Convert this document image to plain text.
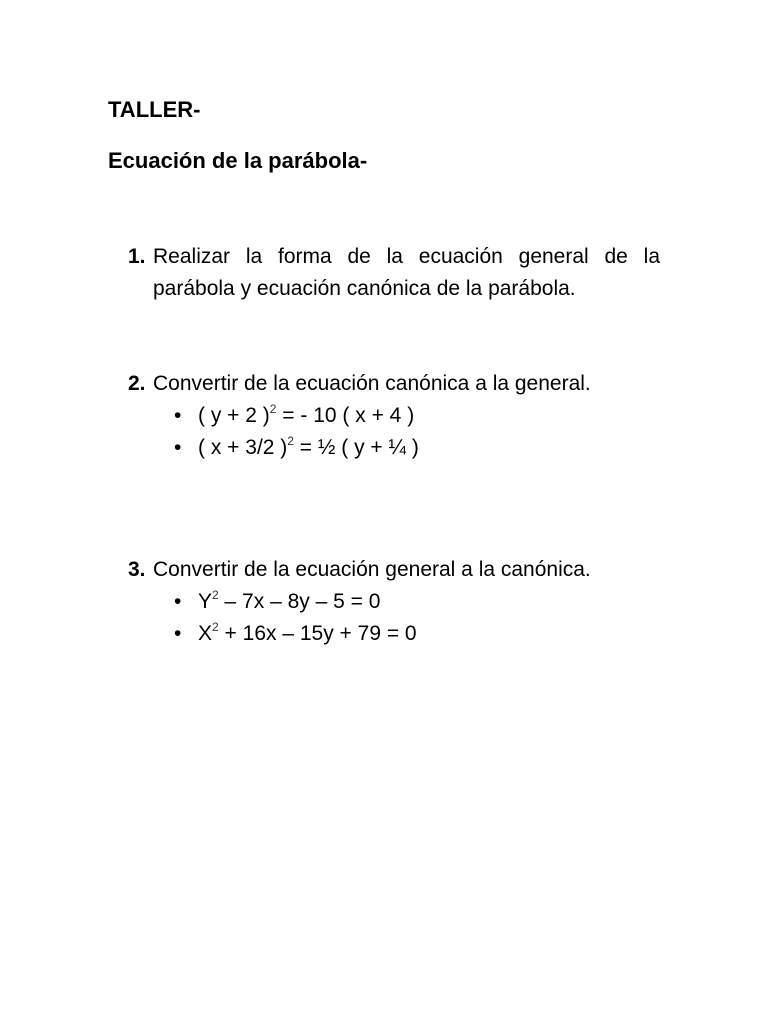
TALLER-
Ecuación de la parábola-
1. Realizar la forma de la ecuación general de la parábola y ecuación canónica de la parábola.
2. Convertir de la ecuación canónica a la general.
• ( y + 2 )$^2$ = - 10 ( x + 4 )
• ( x + 3/2 )$^2$ = ½ ( y + ¼ )
3. Convertir de la ecuación general a la canónica.
• $Y^2 - 7x - 8y - 5 = 0$
• $X^2 + 16x - 15y + 79 = 0$
